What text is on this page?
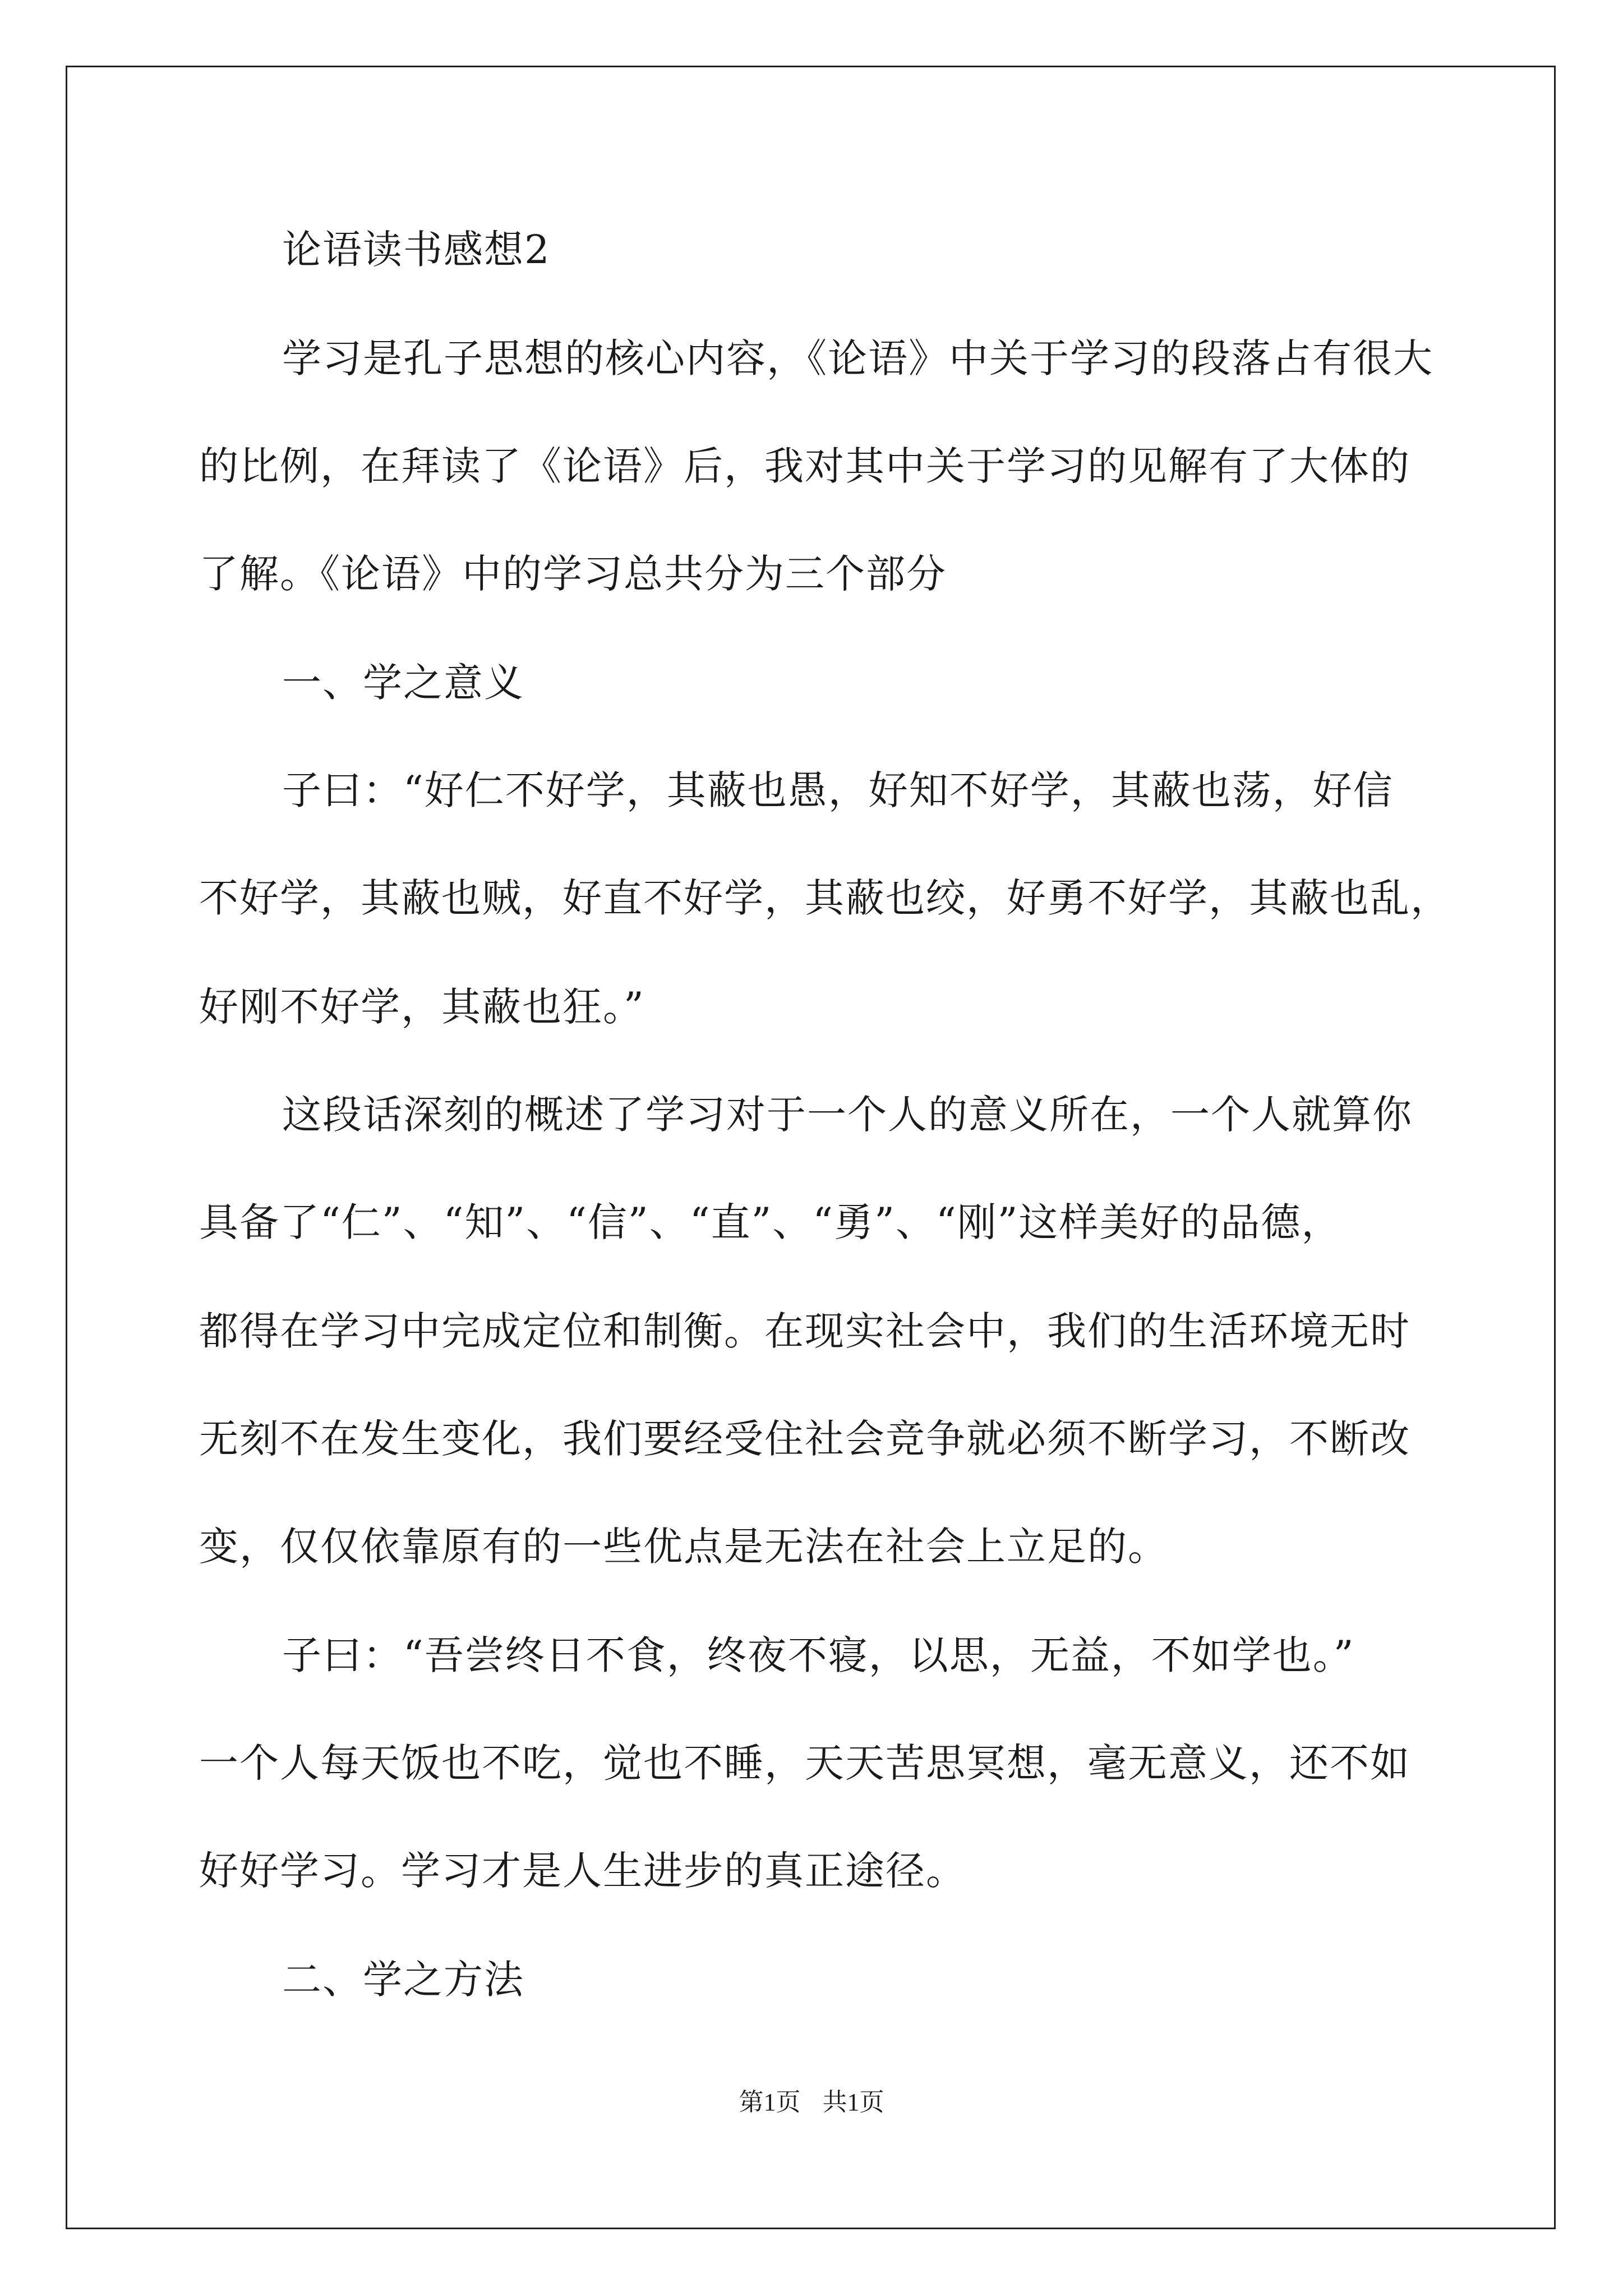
论语读书感想2
学习是孔子思想的核心内容，《论语》中关于学习的段落占有很大
的比例，在拜读了《论语》后，我对其中关于学习的见解有了大体的
了解。《论语》中的学习总共分为三个部分
一、学之意义
子曰：“好仁不好学，其蔽也愚，好知不好学，其蔽也荡，好信
不好学，其蔽也贼，好直不好学，其蔽也绞，好勇不好学，其蔽也乱，
好刚不好学，其蔽也狂。”
这段话深刻的概述了学习对于一个人的意义所在，一个人就算你
具备了“仁”、“知”、“信”、“直”、“勇”、“刚”这样美好的品德，
都得在学习中完成定位和制衡。在现实社会中，我们的生活环境无时
无刻不在发生变化，我们要经受住社会竞争就必须不断学习，不断改
变，仅仅依靠原有的一些优点是无法在社会上立足的。
子曰：“吾尝终日不食，终夜不寝，以思，无益，不如学也。”
一个人每天饭也不吃，觉也不睡，天天苦思冥想，毫无意义，还不如
好好学习。学习才是人生进步的真正途径。
二、学之方法
第1页 共1页
